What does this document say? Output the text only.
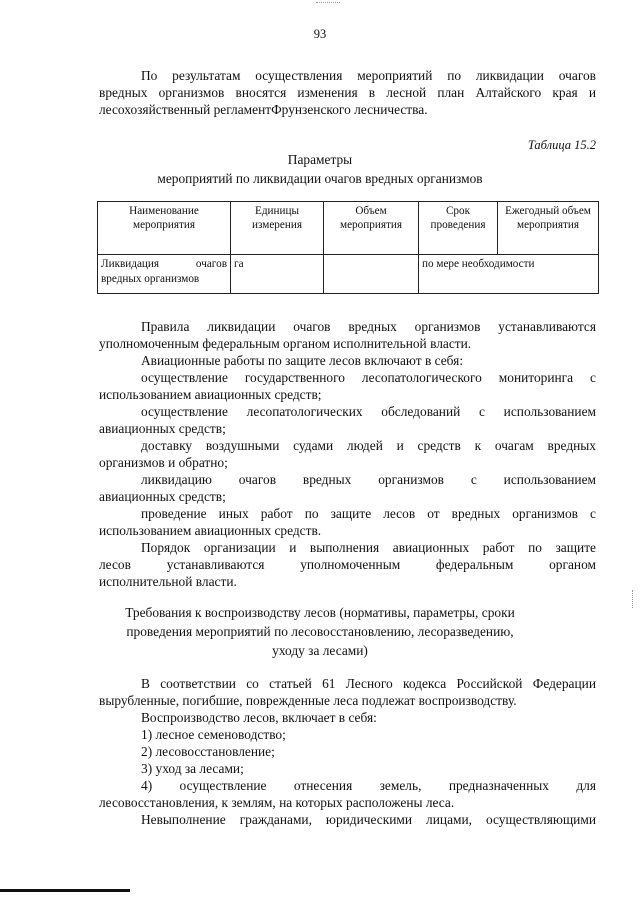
93
По результатам осуществления мероприятий по ликвидации очагов
вредных организмов вносятся изменения в лесной план Алтайского края и
лесохозяйственный регламентФрунзенского лесничества.
Таблица 15.2
Параметры
мероприятий по ликвидации очагов вредных организмов
Наименование мероприятия	Единицы измерения	Объем мероприятия	Срок проведения	Ежегодный объем мероприятия
Ликвидация очагов вредных организмов	га		по мере необходимости	
Правила ликвидации очагов вредных организмов устанавливаются
уполномоченным федеральным органом исполнительной власти.
Авиационные работы по защите лесов включают в себя:
осуществление государственного лесопатологического мониторинга с
использованием авиационных средств;
осуществление лесопатологических обследований с использованием
авиационных средств;
доставку воздушными судами людей и средств к очагам вредных
организмов и обратно;
ликвидацию очагов вредных организмов с использованием
авиационных средств;
проведение иных работ по защите лесов от вредных организмов с
использованием авиационных средств.
Порядок организации и выполнения авиационных работ по защите
лесов устанавливаются уполномоченным федеральным органом
исполнительной власти.
Требования к воспроизводству лесов (нормативы, параметры, сроки
проведения мероприятий по лесовосстановлению, лесоразведению,
уходу за лесами)
В соответствии со статьей 61 Лесного кодекса Российской Федерации
вырубленные, погибшие, поврежденные леса подлежат воспроизводству.
Воспроизводство лесов, включает в себя:
1) лесное семеноводство;
2) лесовосстановление;
3) уход за лесами;
4) осуществление отнесения земель, предназначенных для
лесовосстановления, к землям, на которых расположены леса.
Невыполнение гражданами, юридическими лицами, осуществляющими
